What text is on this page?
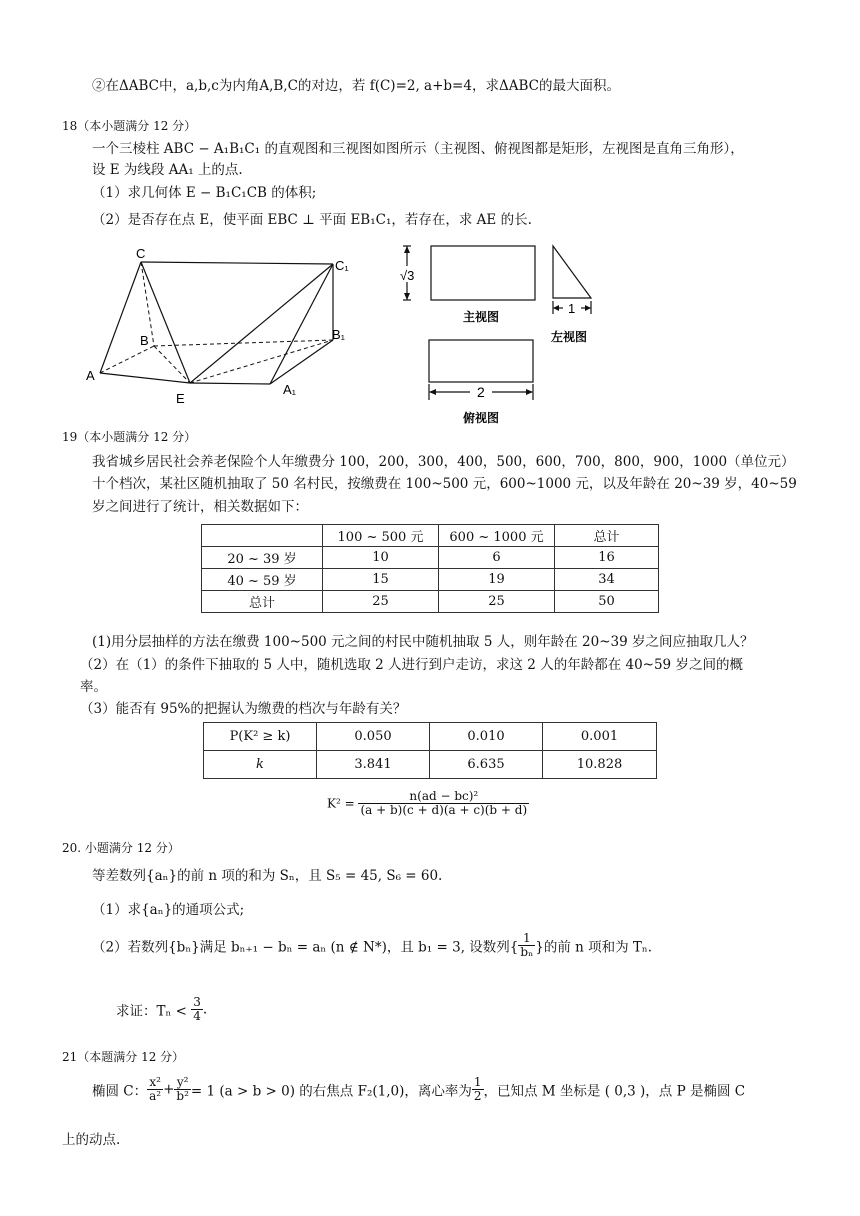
②在ΔABC中，a,b,c为内角A,B,C的对边，若 f(C)=2, a+b=4，求ΔABC的最大面积。
18（本小题满分 12 分）
一个三棱柱 ABC − A₁B₁C₁ 的直观图和三视图如图所示（主视图、俯视图都是矩形，左视图是直角三角形），
设 E 为线段 AA₁ 上的点.
（1）求几何体 E − B₁C₁CB 的体积;
（2）是否存在点 E，使平面 EBC ⊥ 平面 EB₁C₁，若存在，求 AE 的长.
C
C₁
B	B₁
A
A₁
E
√3
1
2
主视图
左视图
俯视图
19（本小题满分 12 分）
我省城乡居民社会养老保险个人年缴费分 100，200，300，400，500，600，700，800，900，1000（单位元）
十个档次，某社区随机抽取了 50 名村民，按缴费在 100~500 元，600~1000 元，以及年龄在 20~39 岁，40~59
岁之间进行了统计，相关数据如下：
	100 ~ 500 元	600 ~ 1000 元	总计
20 ~ 39 岁	10	6	16
40 ~ 59 岁	15	19	34
总计	25	25	50
(1)用分层抽样的方法在缴费 100~500 元之间的村民中随机抽取 5 人，则年龄在 20~39 岁之间应抽取几人？
（2）在（1）的条件下抽取的 5 人中，随机选取 2 人进行到户走访，求这 2 人的年龄都在 40~59 岁之间的概
率。
（3）能否有 95%的把握认为缴费的档次与年龄有关？
P(K² ≥ k)	0.050	0.010	0.001
k	3.841	6.635	10.828
$K^2 = \frac{\text{n(ad − bc)²}}{(a + b)(c + d)(a + c)(b + d)}$
20. 小题满分 12 分）
等差数列{aₙ}的前 n 项的和为 Sₙ，且 S₅ = 45, S₆ = 60.
（1）求{aₙ}的通项公式;
（2）若数列{bₙ}满足 bₙ₊₁ − bₙ = aₙ (n ∉ N*)，且 b₁ = 3, 设数列{ $\frac{1}{\text{bₙ}}$ }的前 n 项和为 Tₙ.
求证：$T_n < \frac{3}{4}$ .
21（本题满分 12 分）
椭圆 C： $\frac{\text{x²}}{\text{a²}} + \frac{\text{y²}}{\text{b²}} = 1$ (a > b > 0) 的右焦点 F₂(1,0)，离心率为 $\frac{1}{2}$ ，已知点 M 坐标是 ( 0,3 )，点 P 是椭圆 C
上的动点.
